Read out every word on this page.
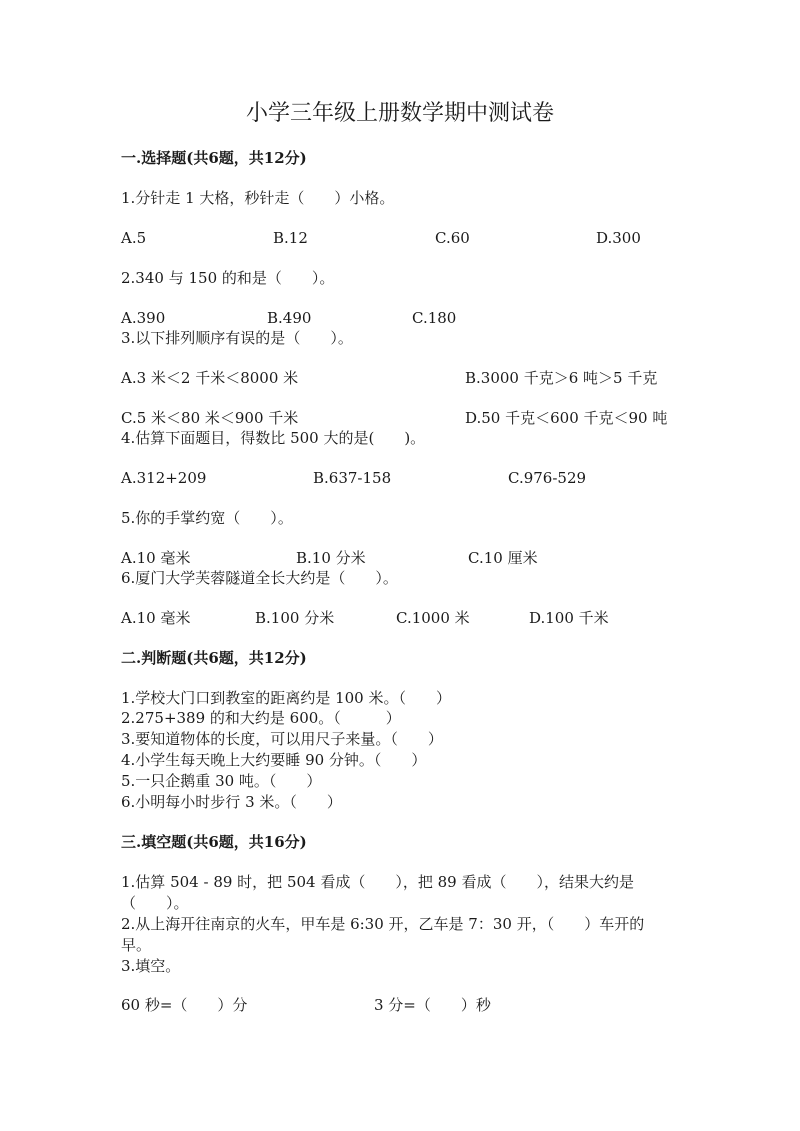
小学三年级上册数学期中测试卷
一.选择题(共6题，共12分)
1.分针走 1 大格，秒针走（　　）小格。
A.5	B.12	C.60	D.300
2.340 与 150 的和是（　　）。
A.390	B.490	C.180
3.以下排列顺序有误的是（　　）。
A.3 米＜2 千米＜8000 米	B.3000 千克＞6 吨＞5 千克
C.5 米＜80 米＜900 千米	D.50 千克＜600 千克＜90 吨
4.估算下面题目，得数比 500 大的是(　　)。
A.312+209	B.637-158	C.976-529
5.你的手掌约宽（　　）。
A.10 毫米	B.10 分米	C.10 厘米
6.厦门大学芙蓉隧道全长大约是（　　）。
A.10 毫米	B.100 分米	C.1000 米	D.100 千米
二.判断题(共6题，共12分)
1.学校大门口到教室的距离约是 100 米。（　　）
2.275+389 的和大约是 600。（　　　）
3.要知道物体的长度，可以用尺子来量。（　　）
4.小学生每天晚上大约要睡 90 分钟。（　　）
5.一只企鹅重 30 吨。（　　）
6.小明每小时步行 3 米。（　　）
三.填空题(共6题，共16分)
1.估算 504 - 89 时，把 504 看成（　　），把 89 看成（　　），结果大约是
（　　）。
2.从上海开往南京的火车，甲车是 6:30 开，乙车是 7：30 开，（　　）车开的
早。
3.填空。
60 秒=（　　）分	3 分=（　　）秒
